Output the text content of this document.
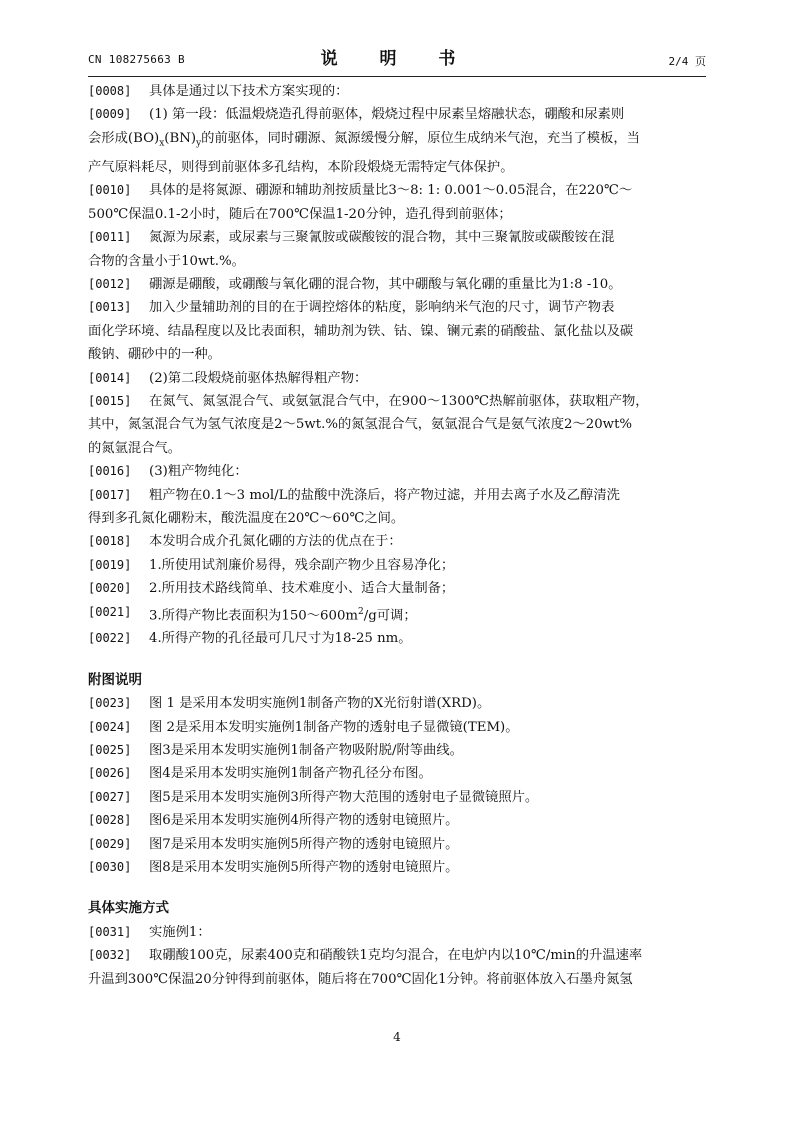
CN 108275663 B	说 明 书	2/4 页
[0008]	具体是通过以下技术方案实现的：
[0009]	(1) 第一段：低温煅烧造孔得前驱体，煅烧过程中尿素呈熔融状态，硼酸和尿素则
会形成$(BO)_x(BN)_y$的前驱体，同时硼源、氮源缓慢分解，原位生成纳米气泡，充当了模板，当
产气原料耗尽，则得到前驱体多孔结构，本阶段煅烧无需特定气体保护。
[0010]	具体的是将氮源、硼源和辅助剂按质量比3～8: 1: 0.001～0.05混合，在220℃～
500℃保温0.1-2小时，随后在700℃保温1-20分钟，造孔得到前驱体；
[0011]	氮源为尿素，或尿素与三聚氰胺或碳酸铵的混合物，其中三聚氰胺或碳酸铵在混
合物的含量小于10wt.%。
[0012]	硼源是硼酸，或硼酸与氧化硼的混合物，其中硼酸与氧化硼的重量比为1:8 -10。
[0013]	加入少量辅助剂的目的在于调控熔体的粘度，影响纳米气泡的尺寸，调节产物表
面化学环境、结晶程度以及比表面积，辅助剂为铁、钴、镍、镧元素的硝酸盐、氯化盐以及碳
酸钠、硼砂中的一种。
[0014]	(2)第二段煅烧前驱体热解得粗产物：
[0015]	在氮气、氮氢混合气、或氨氩混合气中，在900～1300℃热解前驱体，获取粗产物，
其中，氮氢混合气为氢气浓度是2～5wt.%的氮氢混合气，氨氩混合气是氨气浓度2～20wt%
的氮氩混合气。
[0016]	(3)粗产物纯化：
[0017]	粗产物在0.1～3 mol/L的盐酸中洗涤后，将产物过滤，并用去离子水及乙醇清洗
得到多孔氮化硼粉末，酸洗温度在20℃～60℃之间。
[0018]	本发明合成介孔氮化硼的方法的优点在于：
[0019]	1.所使用试剂廉价易得，残余副产物少且容易净化；
[0020]	2.所用技术路线简单、技术难度小、适合大量制备；
[0021]	3.所得产物比表面积为$150\sim 600m^2/g$可调；
[0022]	4.所得产物的孔径最可几尺寸为18-25 nm。
附图说明
[0023]	图 1 是采用本发明实施例1制备产物的X光衍射谱(XRD)。
[0024]	图 2是采用本发明实施例1制备产物的透射电子显微镜(TEM)。
[0025]	图3是采用本发明实施例1制备产物吸附脱/附等曲线。
[0026]	图4是采用本发明实施例1制备产物孔径分布图。
[0027]	图5是采用本发明实施例3所得产物大范围的透射电子显微镜照片。
[0028]	图6是采用本发明实施例4所得产物的透射电镜照片。
[0029]	图7是采用本发明实施例5所得产物的透射电镜照片。
[0030]	图8是采用本发明实施例5所得产物的透射电镜照片。
具体实施方式
[0031]	实施例1：
[0032]	取硼酸100克，尿素400克和硝酸铁1克均匀混合，在电炉内以10℃/min的升温速率
升温到300℃保温20分钟得到前驱体，随后将在700℃固化1分钟。将前驱体放入石墨舟氮氢
4
